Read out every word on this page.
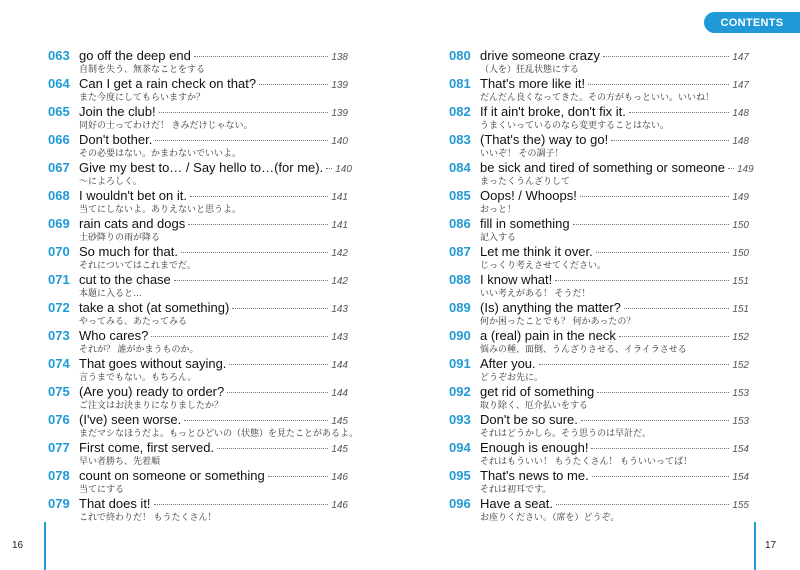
CONTENTS
063 go off the deep end	138
自制を失う、無茶なことをする
064 Can I get a rain check on that?	139
また今度にしてもらいますか？
065 Join the club!	139
同好の士ってわけだ！ きみだけじゃない。
066 Don't bother.	140
その必要はない。かまわないでいいよ。
067 Give my best to… / Say hello to…(for me). 140
〜によろしく。
068 I wouldn't bet on it.	141
当てにしないよ。ありえないと思うよ。
069 rain cats and dogs	141
土砂降りの雨が降る
070 So much for that.	142
それについてはこれまでだ。
071 cut to the chase	142
本題に入ると…
072 take a shot (at something)	143
やってみる、あたってみる
073 Who cares?	143
それが？ 誰がかまうものか。
074 That goes without saying.	144
言うまでもない。もちろん。
075 (Are you) ready to order?	144
ご注文はお決まりになりましたか？
076 (I've) seen worse.	145
まだマシなほうだよ。もっとひどいの（状態）を見たことがあるよ。
077 First come, first served.	145
早い者勝ち、先着順
078 count on someone or something	146
当てにする
079 That does it!	146
これで終わりだ！ もうたくさん！
080 drive someone crazy	147
（人を）狂乱状態にする
081 That's more like it!	147
だんだん良くなってきた。その方がもっといい。いいね！
082 If it ain't broke, don't fix it.	148
うまくいっているのなら変更することはない。
083 (That's the) way to go!	148
いいぞ！ その調子！
084 be sick and tired of something or someone 149
まったくうんざりして
085 Oops! / Whoops!	149
おっと！
086 fill in something	150
記入する
087 Let me think it over.	150
じっくり考えさせてください。
088 I know what!	151
いい考えがある！ そうだ！
089 (Is) anything the matter?	151
何か困ったことでも？ 何かあったの？
090 a (real) pain in the neck	152
悩みの種、面倒、うんざりさせる、イライラさせる
091 After you.	152
どうぞお先に。
092 get rid of something	153
取り除く、厄介払いをする
093 Don't be so sure.	153
それはどうかしら。そう思うのは早計だ。
094 Enough is enough!	154
それはもういい！ もうたくさん！ もういいってば！
095 That's news to me.	154
それは初耳です。
096 Have a seat.	155
お座りください。（席を）どうぞ。
16	17
